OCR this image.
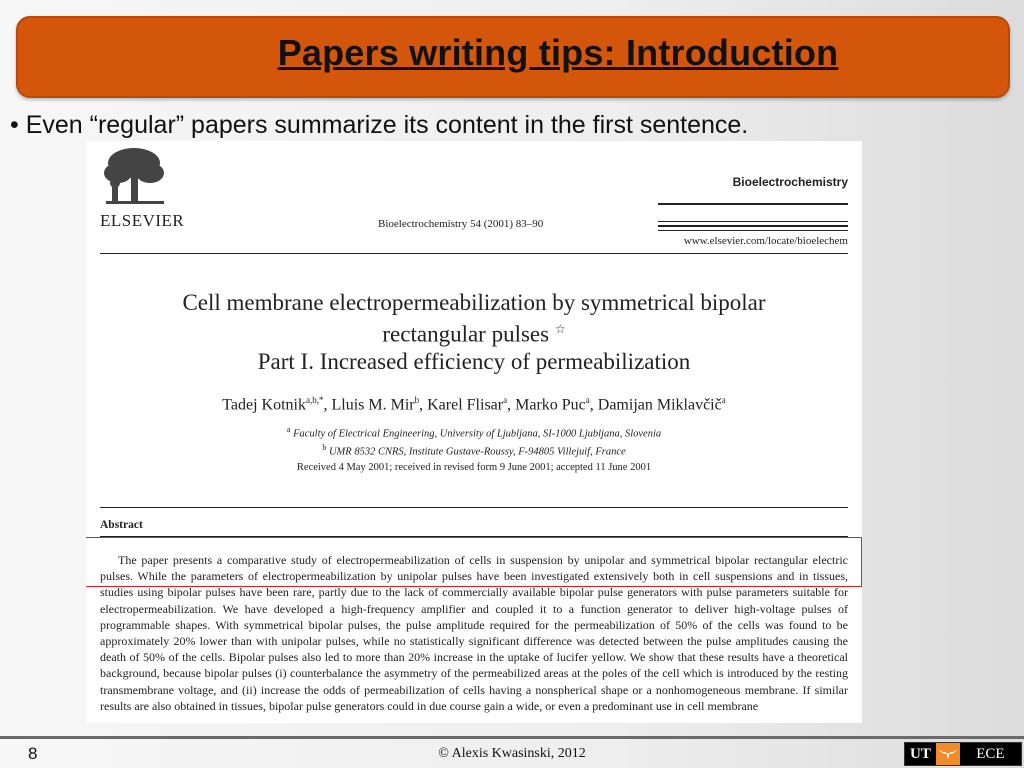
Papers writing tips: Introduction
• Even “regular” papers summarize its content in the first sentence.
ELSEVIER	Bioelectrochemistry 54 (2001) 83–90
Bioelectrochemistry
www.elsevier.com/locate/bioelechem
Cell membrane electropermeabilization by symmetrical bipolar
rectangular pulses ☆
Part I. Increased efficiency of permeabilization
Tadej Kotnik$^{a,b,*}$, Lluis M. Mir$^b$, Karel Flisar$^a$, Marko Puc$^a$, Damijan Miklavčič$^a$
$^a$ Faculty of Electrical Engineering, University of Ljubljana, SI-1000 Ljubljana, Slovenia
$^b$ UMR 8532 CNRS, Institute Gustave-Roussy, F-94805 Villejuif, France
Received 4 May 2001; received in revised form 9 June 2001; accepted 11 June 2001
Abstract
The paper presents a comparative study of electropermeabilization of cells in suspension by unipolar and symmetrical bipolar rectangular electric pulses. While the parameters of electropermeabilization by unipolar pulses have been investigated extensively both in cell suspensions and in tissues, studies using bipolar pulses have been rare, partly due to the lack of commercially available bipolar pulse generators with pulse parameters suitable for electropermeabilization. We have developed a high-frequency amplifier and coupled it to a function generator to deliver high-voltage pulses of programmable shapes. With symmetrical bipolar pulses, the pulse amplitude required for the permeabilization of 50% of the cells was found to be approximately 20% lower than with unipolar pulses, while no statistically significant difference was detected between the pulse amplitudes causing the death of 50% of the cells. Bipolar pulses also led to more than 20% increase in the uptake of lucifer yellow. We show that these results have a theoretical background, because bipolar pulses (i) counterbalance the asymmetry of the permeabilized areas at the poles of the cell which is introduced by the resting transmembrane voltage, and (ii) increase the odds of permeabilization of cells having a nonspherical shape or a nonhomogeneous membrane. If similar results are also obtained in tissues, bipolar pulse generators could in due course gain a wide, or even a predominant use in cell membrane
8	© Alexis Kwasinski, 2012	UT	ECE
